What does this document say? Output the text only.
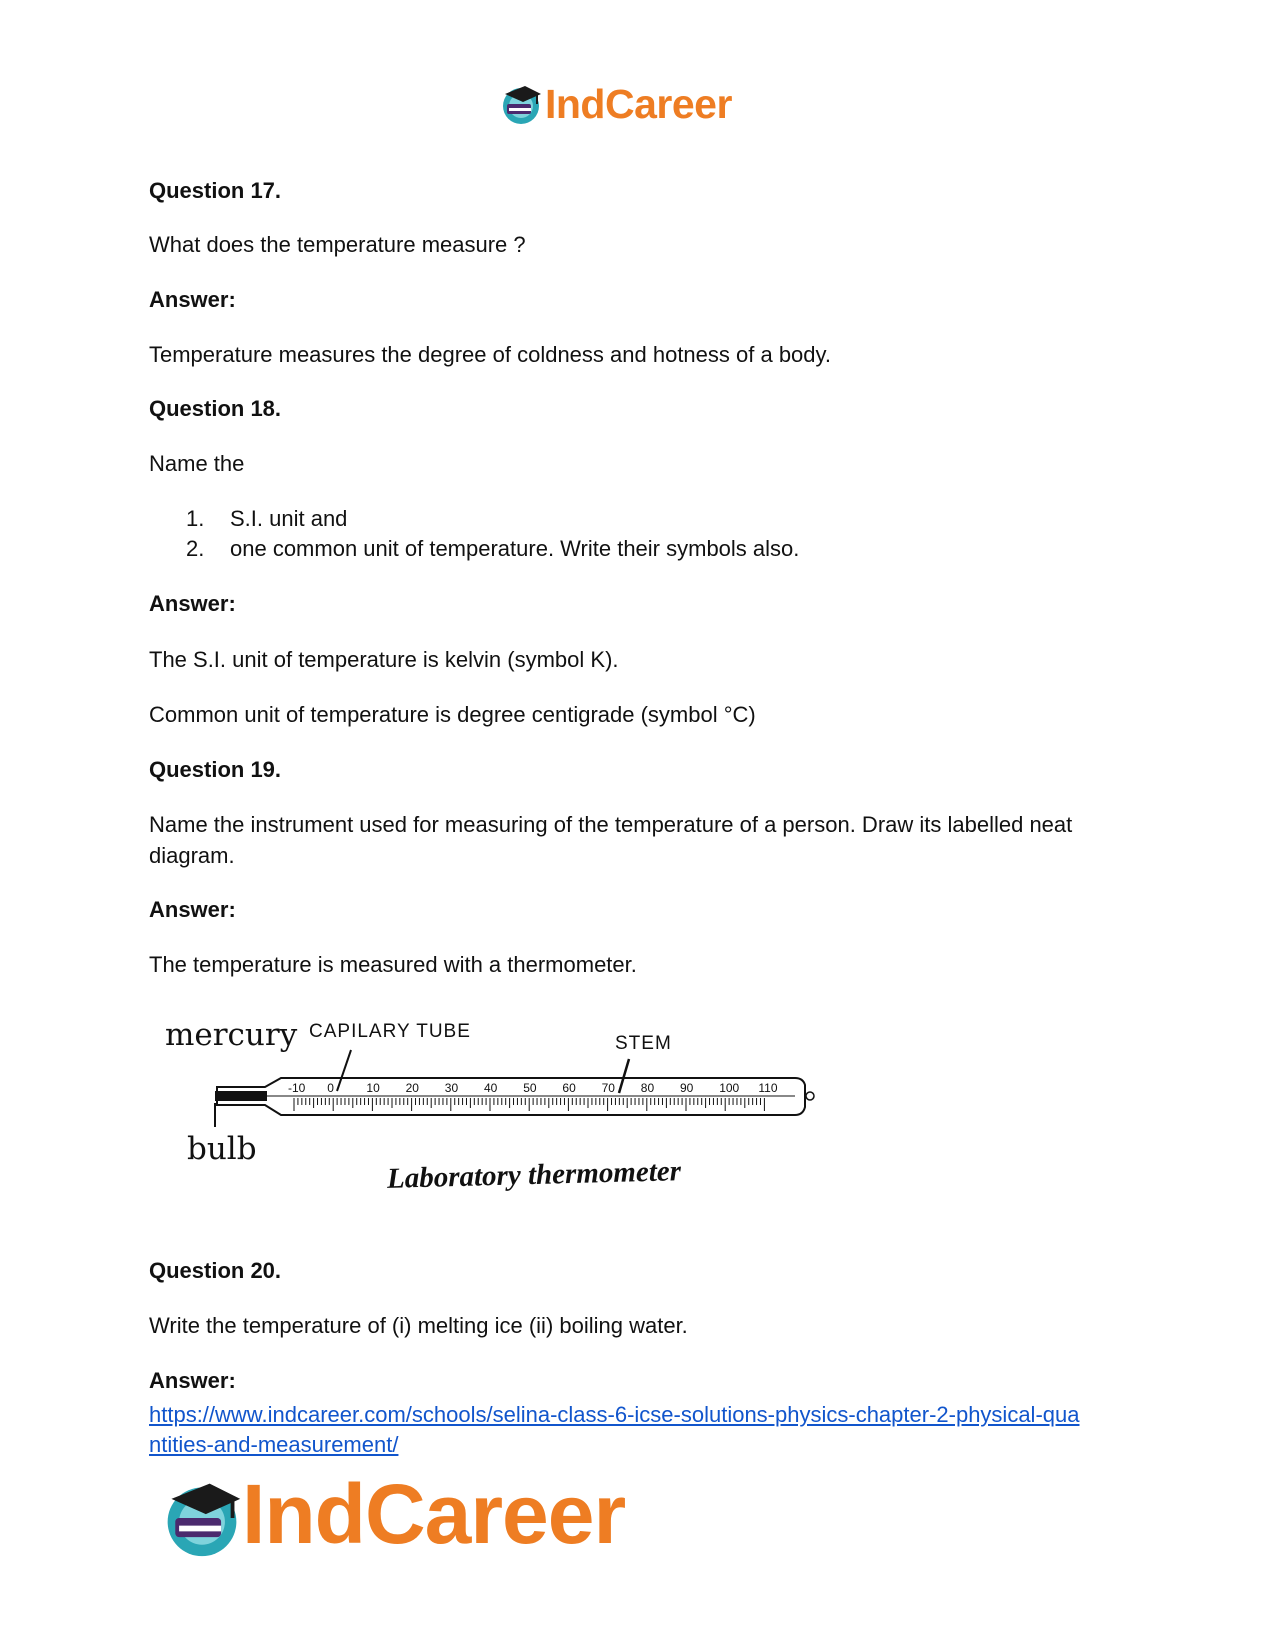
IndCareer
Question 17.
What does the temperature measure ?
Answer:
Temperature measures the degree of coldness and hotness of a body.
Question 18.
Name the
1. S.I. unit and
2. one common unit of temperature. Write their symbols also.
Answer:
The S.I. unit of temperature is kelvin (symbol K).
Common unit of temperature is degree centigrade (symbol °C)
Question 19.
Name the instrument used for measuring of the temperature of a person. Draw its labelled neat
diagram.
Answer:
The temperature is measured with a thermometer.
mercury CAPILARY TUBE
STEM
bulb
-10 0	10 20 30 40 50 60 70 80 90 100 110
Laboratory thermometer
Question 20.
Write the temperature of (i) melting ice (ii) boiling water.
Answer:
https://www.indcareer.com/schools/selina-class-6-icse-solutions-physics-chapter-2-physical-qua
ntities-and-measurement/
IndCareer
